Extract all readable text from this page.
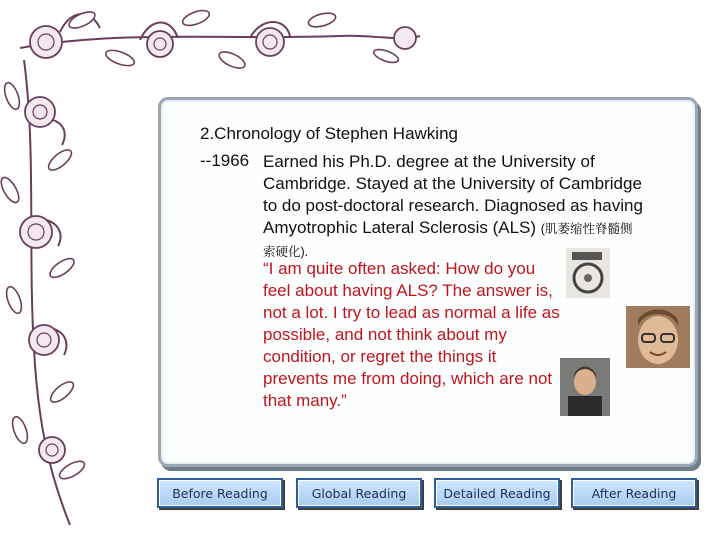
2.Chronology of Stephen Hawking
--1966 Earned his Ph.D. degree at the University of Cambridge. Stayed at the University of Cambridge to do post-doctoral research. Diagnosed as having Amyotrophic Lateral Sclerosis (ALS) (肌萎缩性脊髓侧索硬化).
“I am quite often asked: How do you feel about having ALS? The answer is, not a lot. I try to lead as normal a life as possible, and not think about my condition, or regret the things it prevents me from doing, which are not that many.”
Before Reading	Global Reading	Detailed Reading	After Reading
